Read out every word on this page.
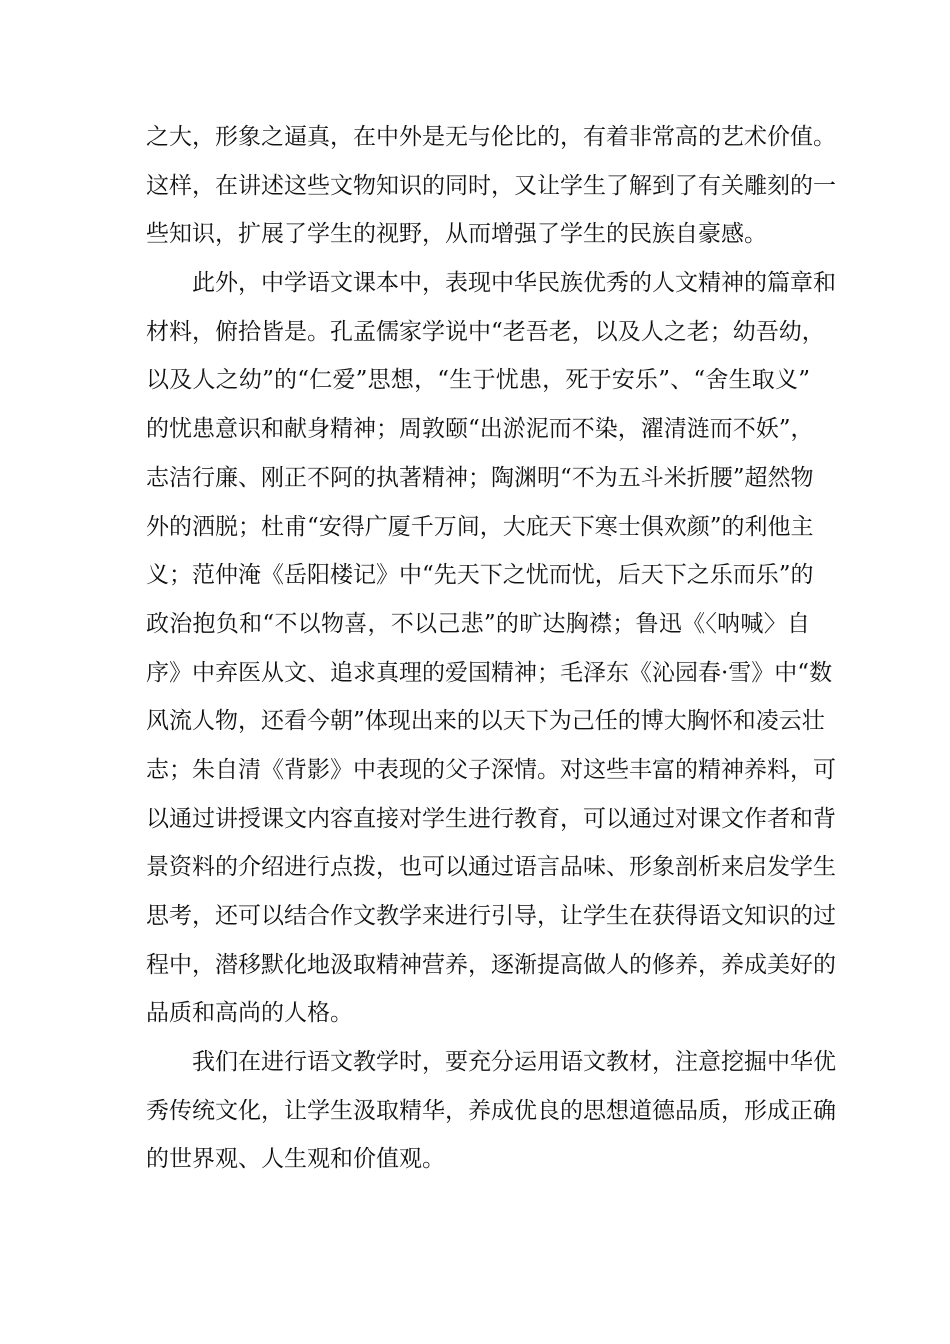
之大，形象之逼真，在中外是无与伦比的，有着非常高的艺术价值。
这样，在讲述这些文物知识的同时，又让学生了解到了有关雕刻的一
些知识，扩展了学生的视野，从而增强了学生的民族自豪感。
此外，中学语文课本中，表现中华民族优秀的人文精神的篇章和
材料，俯拾皆是。孔孟儒家学说中“老吾老，以及人之老；幼吾幼，
以及人之幼”的“仁爱”思想，“生于忧患，死于安乐”、“舍生取义”
的忧患意识和献身精神；周敦颐“出淤泥而不染，濯清涟而不妖”，
志洁行廉、刚正不阿的执著精神；陶渊明“不为五斗米折腰”超然物
外的洒脱；杜甫“安得广厦千万间，大庇天下寒士俱欢颜”的利他主
义；范仲淹《岳阳楼记》中“先天下之忧而忧，后天下之乐而乐”的
政治抱负和“不以物喜，不以己悲”的旷达胸襟；鲁迅《〈呐喊〉自
序》中弃医从文、追求真理的爱国精神；毛泽东《沁园春·雪》中“数
风流人物，还看今朝”体现出来的以天下为己任的博大胸怀和凌云壮
志；朱自清《背影》中表现的父子深情。对这些丰富的精神养料，可
以通过讲授课文内容直接对学生进行教育，可以通过对课文作者和背
景资料的介绍进行点拨，也可以通过语言品味、形象剖析来启发学生
思考，还可以结合作文教学来进行引导，让学生在获得语文知识的过
程中，潜移默化地汲取精神营养，逐渐提高做人的修养，养成美好的
品质和高尚的人格。
我们在进行语文教学时，要充分运用语文教材，注意挖掘中华优
秀传统文化，让学生汲取精华，养成优良的思想道德品质，形成正确
的世界观、人生观和价值观。
